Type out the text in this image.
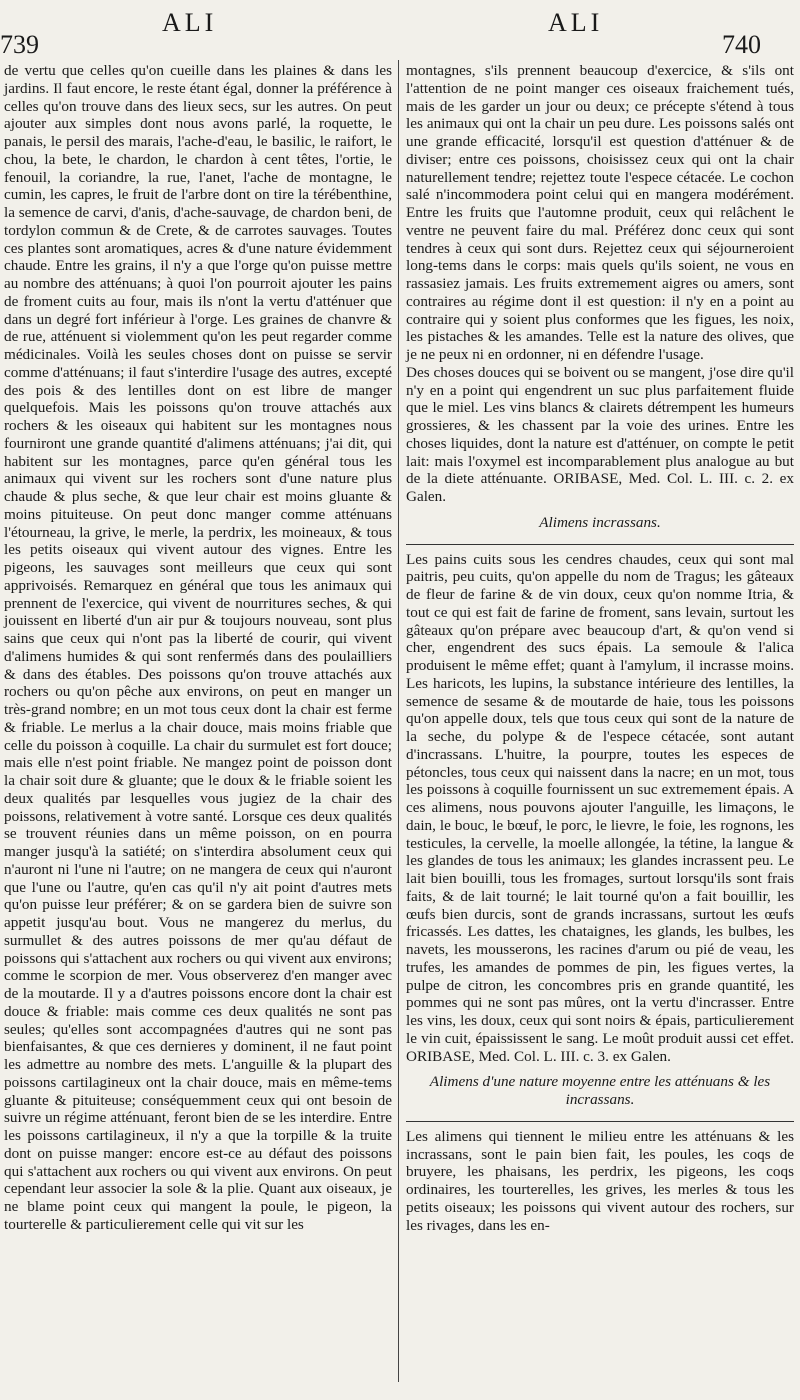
739
ALI	ALI
740

de vertu que celles qu'on cueille dans les plaines & dans les jardins. Il faut encore, le reste étant égal, donner la préférence à celles qu'on trouve dans des lieux secs, sur les autres. On peut ajouter aux simples dont nous avons parlé, la roquette, le panais, le persil des marais, l'ache-d'eau, le basilic, le raifort, le chou, la bete, le chardon, le chardon à cent têtes, l'ortie, le fenouil, la coriandre, la rue, l'anet, l'ache de montagne, le cumin, les capres, le fruit de l'arbre dont on tire la térébenthine, la semence de carvi, d'anis, d'ache-sauvage, de chardon beni, de tordylon commun & de Crete, & de carrotes sauvages. Toutes ces plantes sont aromatiques, acres & d'une nature évidemment chaude. Entre les grains, il n'y a que l'orge qu'on puisse mettre au nombre des atténuans; à quoi l'on pourroit ajouter les pains de froment cuits au four, mais ils n'ont la vertu d'atténuer que dans un degré fort inférieur à l'orge. Les graines de chanvre & de rue, atténuent si violemment qu'on les peut regarder comme médicinales. Voilà les seules choses dont on puisse se servir comme d'atténuans; il faut s'interdire l'usage des autres, excepté des pois & des lentilles dont on est libre de manger quelquefois. Mais les poissons qu'on trouve attachés aux rochers & les oiseaux qui habitent sur les montagnes nous fourniront une grande quantité d'alimens atténuans; j'ai dit, qui habitent sur les montagnes, parce qu'en général tous les animaux qui vivent sur les rochers sont d'une nature plus chaude & plus seche, & que leur chair est moins gluante & moins pituiteuse. On peut donc manger comme atténuans l'étourneau, la grive, le merle, la perdrix, les moineaux, & tous les petits oiseaux qui vivent autour des vignes. Entre les pigeons, les sauvages sont meilleurs que ceux qui sont apprivoisés. Remarquez en général que tous les animaux qui prennent de l'exercice, qui vivent de nourritures seches, & qui jouissent en liberté d'un air pur & toujours nouveau, sont plus sains que ceux qui n'ont pas la liberté de courir, qui vivent d'alimens humides & qui sont renfermés dans des poulailliers & dans des étables. Des poissons qu'on trouve attachés aux rochers ou qu'on pêche aux environs, on peut en manger un très-grand nombre; en un mot tous ceux dont la chair est ferme & friable. Le merlus a la chair douce, mais moins friable que celle du poisson à coquille. La chair du surmulet est fort douce; mais elle n'est point friable. Ne mangez point de poisson dont la chair soit dure & gluante; que le doux & le friable soient les deux qualités par lesquelles vous jugiez de la chair des poissons, relativement à votre santé. Lorsque ces deux qualités se trouvent réunies dans un même poisson, on en pourra manger jusqu'à la satiété; on s'interdira absolument ceux qui n'auront ni l'une ni l'autre; on ne mangera de ceux qui n'auront que l'une ou l'autre, qu'en cas qu'il n'y ait point d'autres mets qu'on puisse leur préférer; & on se gardera bien de suivre son appetit jusqu'au bout. Vous ne mangerez du merlus, du surmullet & des autres poissons de mer qu'au défaut de poissons qui s'attachent aux rochers ou qui vivent aux environs; comme le scorpion de mer. Vous observerez d'en manger avec de la moutarde. Il y a d'autres poissons encore dont la chair est douce & friable: mais comme ces deux qualités ne sont pas seules; qu'elles sont accompagnées d'autres qui ne sont pas bienfaisantes, & que ces dernieres y dominent, il ne faut point les admettre au nombre des mets. L'anguille & la plupart des poissons cartilagineux ont la chair douce, mais en même-tems gluante & pituiteuse; conséquemment ceux qui ont besoin de suivre un régime atténuant, feront bien de se les interdire. Entre les poissons cartilagineux, il n'y a que la torpille & la truite dont on puisse manger: encore est-ce au défaut des poissons qui s'attachent aux rochers ou qui vivent aux environs. On peut cependant leur associer la sole & la plie. Quant aux oiseaux, je ne blame point ceux qui mangent la poule, le pigeon, la tourterelle & particulierement celle qui vit sur les

montagnes, s'ils prennent beaucoup d'exercice, & s'ils ont l'attention de ne point manger ces oiseaux fraichement tués, mais de les garder un jour ou deux; ce précepte s'étend à tous les animaux qui ont la chair un peu dure. Les poissons salés ont une grande efficacité, lorsqu'il est question d'atténuer & de diviser; entre ces poissons, choisissez ceux qui ont la chair naturellement tendre; rejettez toute l'espece cétacée. Le cochon salé n'incommodera point celui qui en mangera modérément. Entre les fruits que l'automne produit, ceux qui relâchent le ventre ne peuvent faire du mal. Préférez donc ceux qui sont tendres à ceux qui sont durs. Rejettez ceux qui séjourneroient long-tems dans le corps: mais quels qu'ils soient, ne vous en rassasiez jamais. Les fruits extremement aigres ou amers, sont contraires au régime dont il est question: il n'y en a point au contraire qui y soient plus conformes que les figues, les noix, les pistaches & les amandes. Telle est la nature des olives, que je ne peux ni en ordonner, ni en défendre l'usage.

Des choses douces qui se boivent ou se mangent, j'ose dire qu'il n'y en a point qui engendrent un suc plus parfaitement fluide que le miel. Les vins blancs & clairets détrempent les humeurs grossieres, & les chassent par la voie des urines. Entre les choses liquides, dont la nature est d'atténuer, on compte le petit lait: mais l'oxymel est incomparablement plus analogue au but de la diete atténuante. ORIBASE, Med. Col. L. III. c. 2. ex Galen.

Alimens incrassans.

Les pains cuits sous les cendres chaudes, ceux qui sont mal paitris, peu cuits, qu'on appelle du nom de Tragus; les gâteaux de fleur de farine & de vin doux, ceux qu'on nomme Itria, & tout ce qui est fait de farine de froment, sans levain, surtout les gâteaux qu'on prépare avec beaucoup d'art, & qu'on vend si cher, engendrent des sucs épais. La semoule & l'alica produisent le même effet; quant à l'amylum, il incrasse moins. Les haricots, les lupins, la substance intérieure des lentilles, la semence de sesame & de moutarde de haie, tous les poissons qu'on appelle doux, tels que tous ceux qui sont de la nature de la seche, du polype & de l'espece cétacée, sont autant d'incrassans. L'huitre, la pourpre, toutes les especes de pétoncles, tous ceux qui naissent dans la nacre; en un mot, tous les poissons à coquille fournissent un suc extremement épais. A ces alimens, nous pouvons ajouter l'anguille, les limaçons, le dain, le bouc, le bœuf, le porc, le lievre, le foie, les rognons, les testicules, la cervelle, la moelle allongée, la tétine, la langue & les glandes de tous les animaux; les glandes incrassent peu. Le lait bien bouilli, tous les fromages, surtout lorsqu'ils sont frais faits, & de lait tourné; le lait tourné qu'on a fait bouillir, les œufs bien durcis, sont de grands incrassans, surtout les œufs fricassés. Les dattes, les chataignes, les glands, les bulbes, les navets, les mousserons, les racines d'arum ou pié de veau, les trufes, les amandes de pommes de pin, les figues vertes, la pulpe de citron, les concombres pris en grande quantité, les pommes qui ne sont pas mûres, ont la vertu d'incrasser. Entre les vins, les doux, ceux qui sont noirs & épais, particulierement le vin cuit, épaississent le sang. Le moût produit aussi cet effet. ORIBASE, Med. Col. L. III. c. 3. ex Galen.

Alimens d'une nature moyenne entre les atténuans & les incrassans.

Les alimens qui tiennent le milieu entre les atténuans & les incrassans, sont le pain bien fait, les poules, les coqs de bruyere, les phaisans, les perdrix, les pigeons, les coqs ordinaires, les tourterelles, les grives, les merles & tous les petits oiseaux; les poissons qui vivent autour des rochers, sur les rivages, dans les en-
